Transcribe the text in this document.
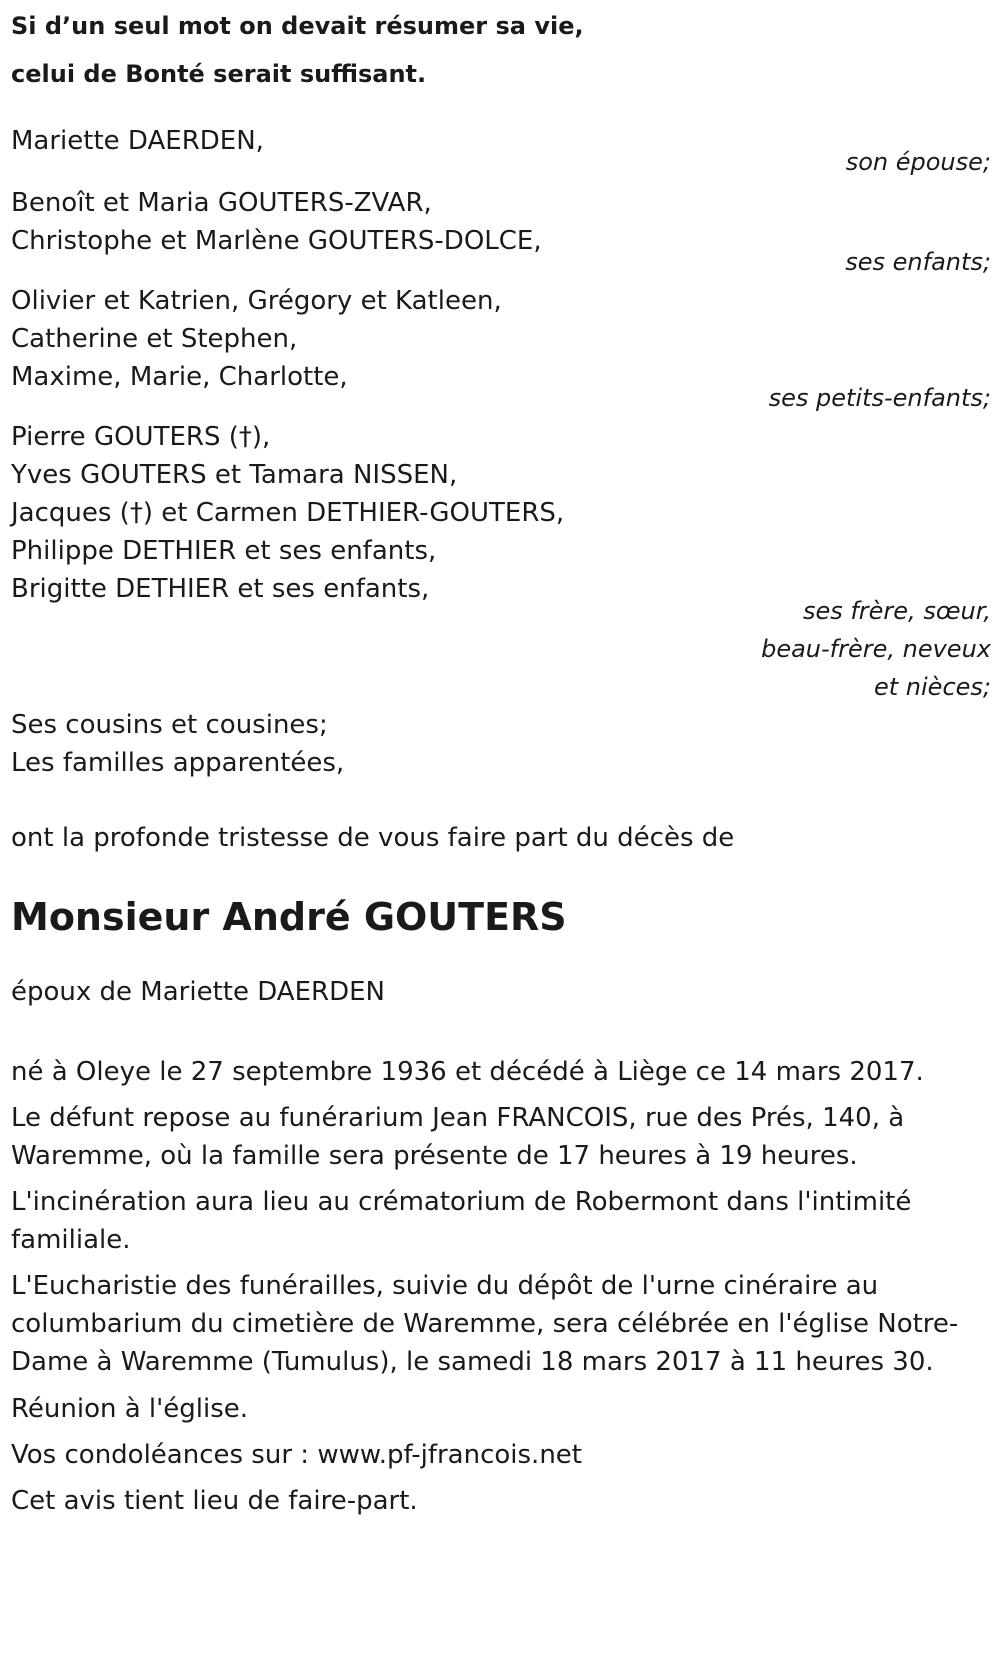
Si d’un seul mot on devait résumer sa vie,
celui de Bonté serait suffisant.
Mariette DAERDEN,
son épouse;
Benoît et Maria GOUTERS-ZVAR,
Christophe et Marlène GOUTERS-DOLCE,
ses enfants;
Olivier et Katrien, Grégory et Katleen,
Catherine et Stephen,
Maxime, Marie, Charlotte,
ses petits-enfants;
Pierre GOUTERS (†),
Yves GOUTERS et Tamara NISSEN,
Jacques (†) et Carmen DETHIER-GOUTERS,
Philippe DETHIER et ses enfants,
Brigitte DETHIER et ses enfants,
ses frère, sœur,
beau-frère, neveux
et nièces;
Ses cousins et cousines;
Les familles apparentées,
ont la profonde tristesse de vous faire part du décès de
Monsieur André GOUTERS
époux de Mariette DAERDEN
né à Oleye le 27 septembre 1936 et décédé à Liège ce 14 mars 2017.
Le défunt repose au funérarium Jean FRANCOIS, rue des Prés, 140, à Waremme, où la famille sera présente de 17 heures à 19 heures.
L'incinération aura lieu au crématorium de Robermont dans l'intimité familiale.
L'Eucharistie des funérailles, suivie du dépôt de l'urne cinéraire au columbarium du cimetière de Waremme, sera célébrée en l'église Notre-Dame à Waremme (Tumulus), le samedi 18 mars 2017 à 11 heures 30.
Réunion à l'église.
Vos condoléances sur : www.pf-jfrancois.net
Cet avis tient lieu de faire-part.
